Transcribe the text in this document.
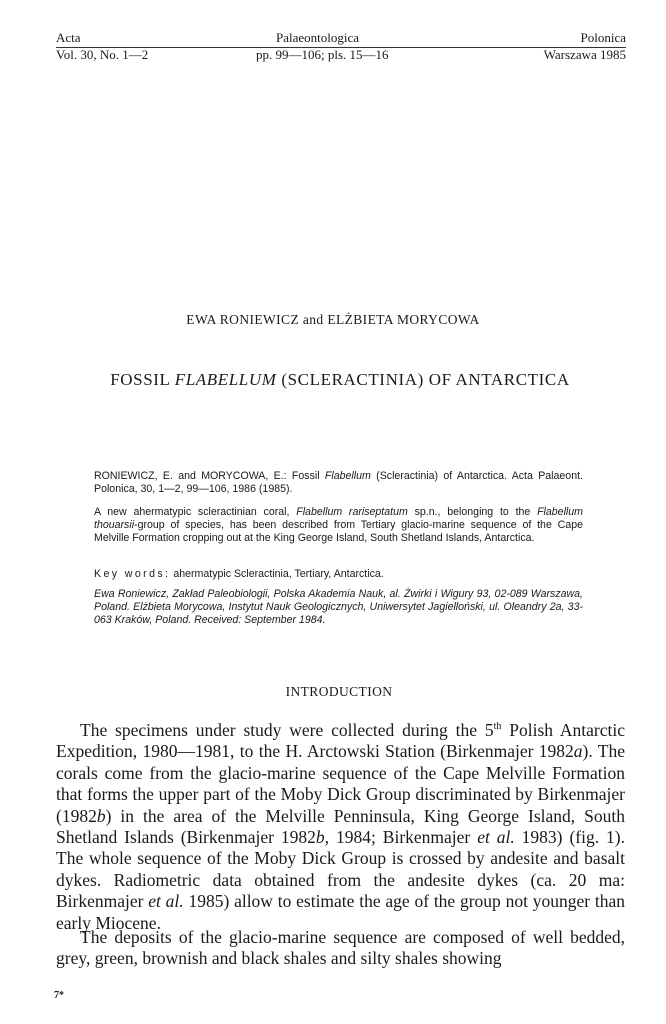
Acta	Palaeontologica	Polonica
Vol. 30, No. 1—2	pp. 99—106; pls. 15—16	Warszawa 1985
EWA RONIEWICZ and ELŻBIETA MORYCOWA
FOSSIL FLABELLUM (SCLERACTINIA) OF ANTARCTICA

RONIEWICZ, E. and MORYCOWA, E.: Fossil Flabellum (Scleractinia) of Antarctica. Acta Palaeont. Polonica, 30, 1—2, 99—106, 1986 (1985).

A new ahermatypic scleractinian coral, Flabellum rariseptatum sp.n., belonging to the Flabellum thouarsii-group of species, has been described from Tertiary glacio-marine sequence of the Cape Melville Formation cropping out at the King George Island, South Shetland Islands, Antarctica.

Key words: ahermatypic Scleractinia, Tertiary, Antarctica.

Ewa Roniewicz, Zakład Paleobiologii, Polska Akademia Nauk, al. Żwirki i Wigury 93, 02-089 Warszawa, Poland. Elżbieta Morycowa, Instytut Nauk Geologicznych, Uniwersytet Jagielloński, ul. Oleandry 2a, 33-063 Kraków, Poland. Received: September 1984.

INTRODUCTION

The specimens under study were collected during the 5th Polish Antarctic Expedition, 1980—1981, to the H. Arctowski Station (Birkenmajer 1982a). The corals come from the glacio-marine sequence of the Cape Melville Formation that forms the upper part of the Moby Dick Group discriminated by Birkenmajer (1982b) in the area of the Melville Penninsula, King George Island, South Shetland Islands (Birkenmajer 1982b, 1984; Birkenmajer et al. 1983) (fig. 1). The whole sequence of the Moby Dick Group is crossed by andesite and basalt dykes. Radiometric data obtained from the andesite dykes (ca. 20 ma: Birkenmajer et al. 1985) allow to estimate the age of the group not younger than early Miocene.

The deposits of the glacio-marine sequence are composed of well bedded, grey, green, brownish and black shales and silty shales showing

7*
